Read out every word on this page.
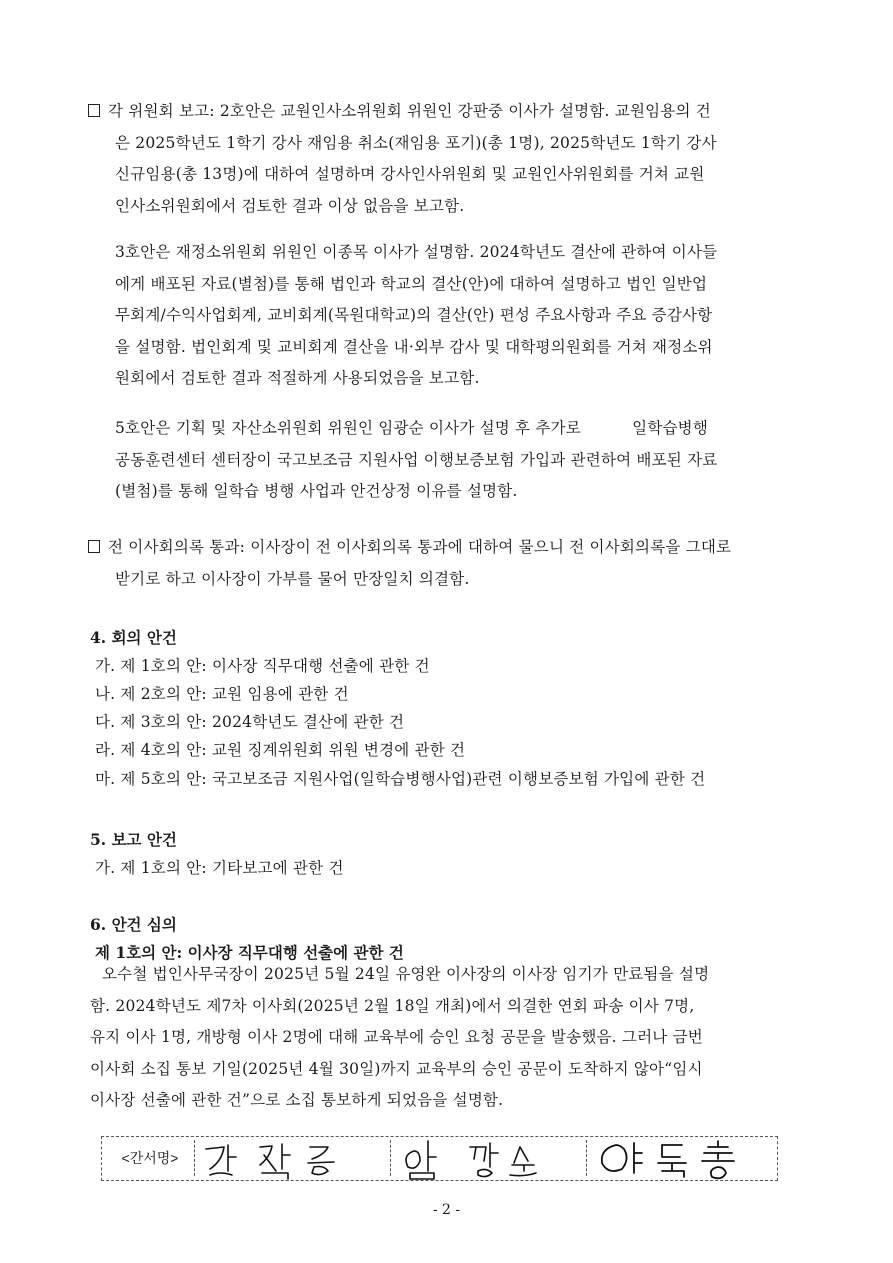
각 위원회 보고: 2호안은 교원인사소위원회 위원인 강판중 이사가 설명함. 교원임용의 건
은 2025학년도 1학기 강사 재임용 취소(재임용 포기)(총 1명), 2025학년도 1학기 강사
신규임용(총 13명)에 대하여 설명하며 강사인사위원회 및 교원인사위원회를 거쳐 교원
인사소위원회에서 검토한 결과 이상 없음을 보고함.
3호안은 재정소위원회 위원인 이종목 이사가 설명함. 2024학년도 결산에 관하여 이사들
에게 배포된 자료(별첨)를 통해 법인과 학교의 결산(안)에 대하여 설명하고 법인 일반업
무회계/수익사업회계, 교비회계(목원대학교)의 결산(안) 편성 주요사항과 주요 증감사항
을 설명함. 법인회계 및 교비회계 결산을 내·외부 감사 및 대학평의원회를 거쳐 재정소위
원회에서 검토한 결과 적절하게 사용되었음을 보고함.
5호안은 기획 및 자산소위원회 위원인 임광순 이사가 설명 후 추가로          일학습병행
공동훈련센터 센터장이 국고보조금 지원사업 이행보증보험 가입과 관련하여 배포된 자료
(별첨)를 통해 일학습 병행 사업과 안건상정 이유를 설명함.
전 이사회의록 통과: 이사장이 전 이사회의록 통과에 대하여 물으니 전 이사회의록을 그대로
받기로 하고 이사장이 가부를 물어 만장일치 의결함.
4. 회의 안건
가. 제 1호의 안: 이사장 직무대행 선출에 관한 건
나. 제 2호의 안: 교원 임용에 관한 건
다. 제 3호의 안: 2024학년도 결산에 관한 건
라. 제 4호의 안: 교원 징계위원회 위원 변경에 관한 건
마. 제 5호의 안: 국고보조금 지원사업(일학습병행사업)관련 이행보증보험 가입에 관한 건
5. 보고 안건
가. 제 1호의 안: 기타보고에 관한 건
6. 안건 심의
제 1호의 안: 이사장 직무대행 선출에 관한 건
오수철 법인사무국장이 2025년 5월 24일 유영완 이사장의 이사장 임기가 만료됨을 설명
함. 2024학년도 제7차 이사회(2025년 2월 18일 개최)에서 의결한 연회 파송 이사 7명,
유지 이사 1명, 개방형 이사 2명에 대해 교육부에 승인 요청 공문을 발송했음. 그러나 금번
이사회 소집 통보 기일(2025년 4월 30일)까지 교육부의 승인 공문이 도착하지 않아“임시
이사장 선출에 관한 건”으로 소집 통보하게 되었음을 설명함.
<간서명>
- 2 -
